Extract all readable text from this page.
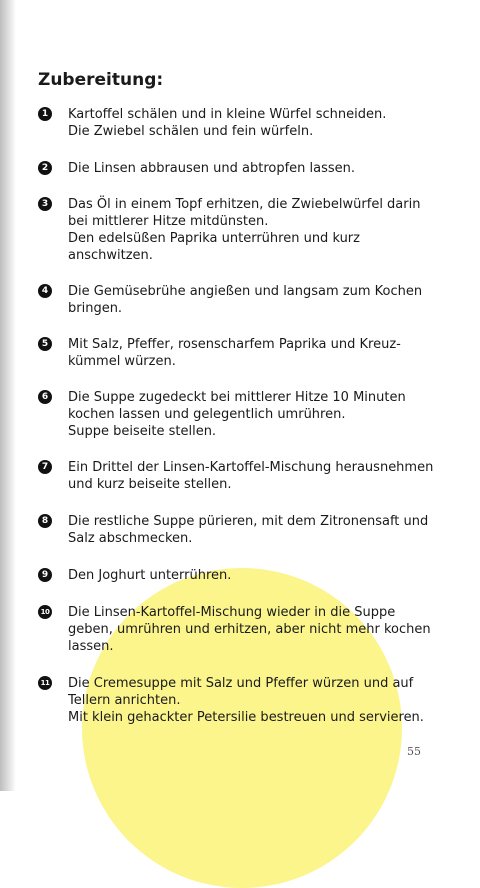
Zubereitung:
1 Kartoffel schälen und in kleine Würfel schneiden.
Die Zwiebel schälen und fein würfeln.
2 Die Linsen abbrausen und abtropfen lassen.
3 Das Öl in einem Topf erhitzen, die Zwiebelwürfel darin
bei mittlerer Hitze mitdünsten.
Den edelsüßen Paprika unterrühren und kurz
anschwitzen.
4 Die Gemüsebrühe angießen und langsam zum Kochen
bringen.
5 Mit Salz, Pfeffer, rosenscharfem Paprika und Kreuz-
kümmel würzen.
6 Die Suppe zugedeckt bei mittlerer Hitze 10 Minuten
kochen lassen und gelegentlich umrühren.
Suppe beiseite stellen.
7 Ein Drittel der Linsen-Kartoffel-Mischung herausnehmen
und kurz beiseite stellen.
8 Die restliche Suppe pürieren, mit dem Zitronensaft und
Salz abschmecken.
9 Den Joghurt unterrühren.
10 Die Linsen-Kartoffel-Mischung wieder in die Suppe
geben, umrühren und erhitzen, aber nicht mehr kochen
lassen.
11 Die Cremesuppe mit Salz und Pfeffer würzen und auf
Tellern anrichten.
Mit klein gehackter Petersilie bestreuen und servieren.
55
